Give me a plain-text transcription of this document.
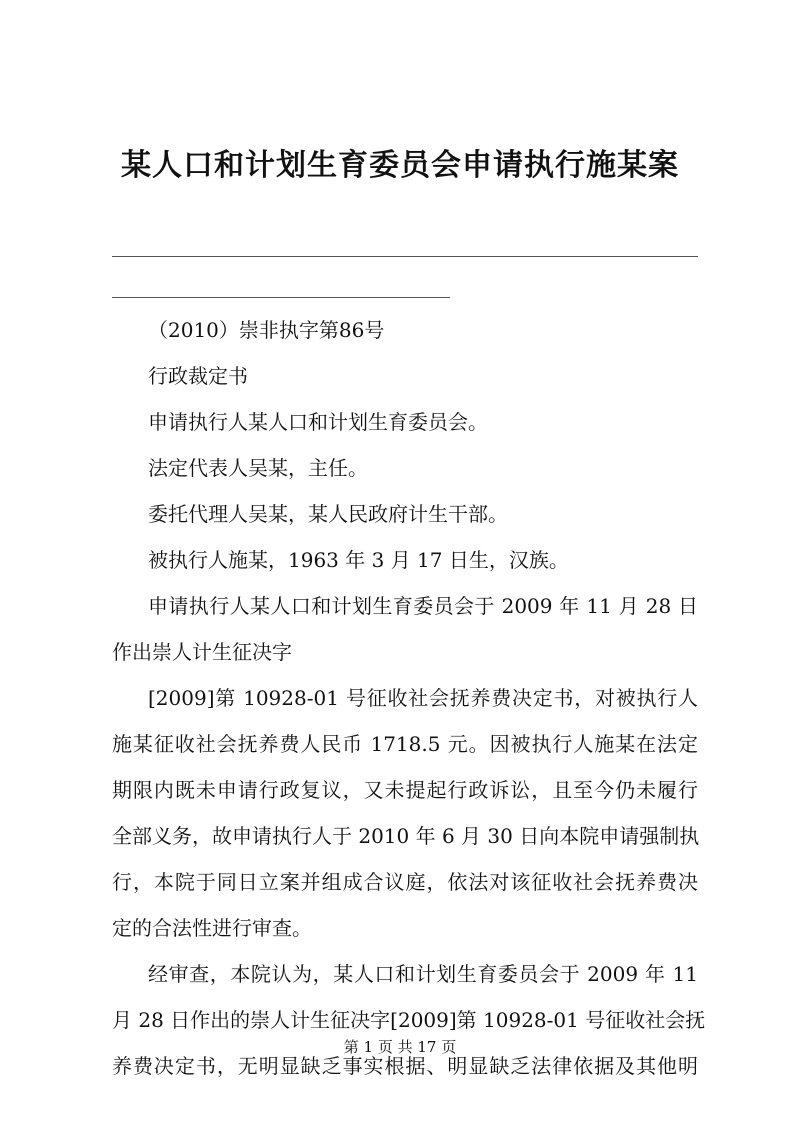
某人口和计划生育委员会申请执行施某案
（2010）崇非执字第86号
行政裁定书
申请执行人某人口和计划生育委员会。
法定代表人吴某，主任。
委托代理人吴某，某人民政府计生干部。
被执行人施某，1963 年 3 月 17 日生，汉族。
申请执行人某人口和计划生育委员会于 2009 年 11 月 28 日
作出崇人计生征决字
[2009]第 10928-01 号征收社会抚养费决定书，对被执行人
施某征收社会抚养费人民币 1718.5 元。因被执行人施某在法定
期限内既未申请行政复议，又未提起行政诉讼，且至今仍未履行
全部义务，故申请执行人于 2010 年 6 月 30 日向本院申请强制执
行，本院于同日立案并组成合议庭，依法对该征收社会抚养费决
定的合法性进行审查。
经审查，本院认为，某人口和计划生育委员会于 2009 年 11
月 28 日作出的崇人计生征决字[2009]第 10928-01 号征收社会抚
养费决定书，无明显缺乏事实根据、明显缺乏法律依据及其他明
第 1 页 共 17 页
